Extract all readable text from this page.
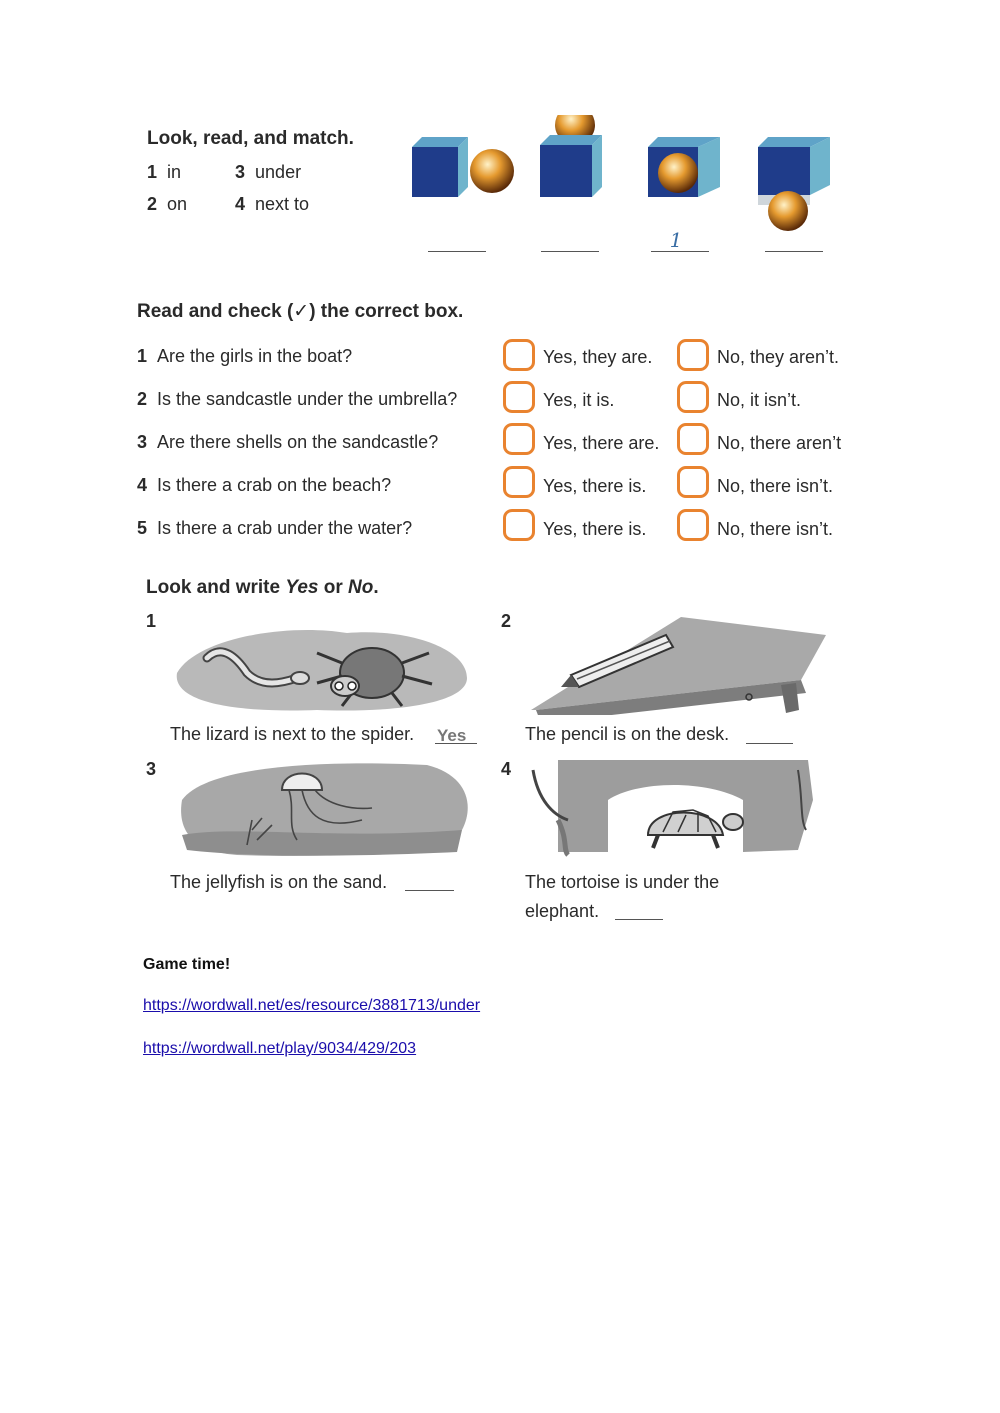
Look, read, and match.
1 in	3 under
2 on	4 next to
1
Read and check (✓) the correct box.
1 Are the girls in the boat?	Yes, they are.	No, they aren’t.
2 Is the sandcastle under the umbrella?	Yes, it is.	No, it isn’t.
3 Are there shells on the sandcastle?	Yes, there are.	No, there aren’t
4 Is there a crab on the beach?	Yes, there is.	No, there isn’t.
5 Is there a crab under the water?	Yes, there is.	No, there isn’t.
Look and write Yes or No.
1
The lizard is next to the spider. Yes
2
The pencil is on the desk.
3
The jellyfish is on the sand.
4
The tortoise is under the
elephant.
Game time!
https://wordwall.net/es/resource/3881713/under
https://wordwall.net/play/9034/429/203
